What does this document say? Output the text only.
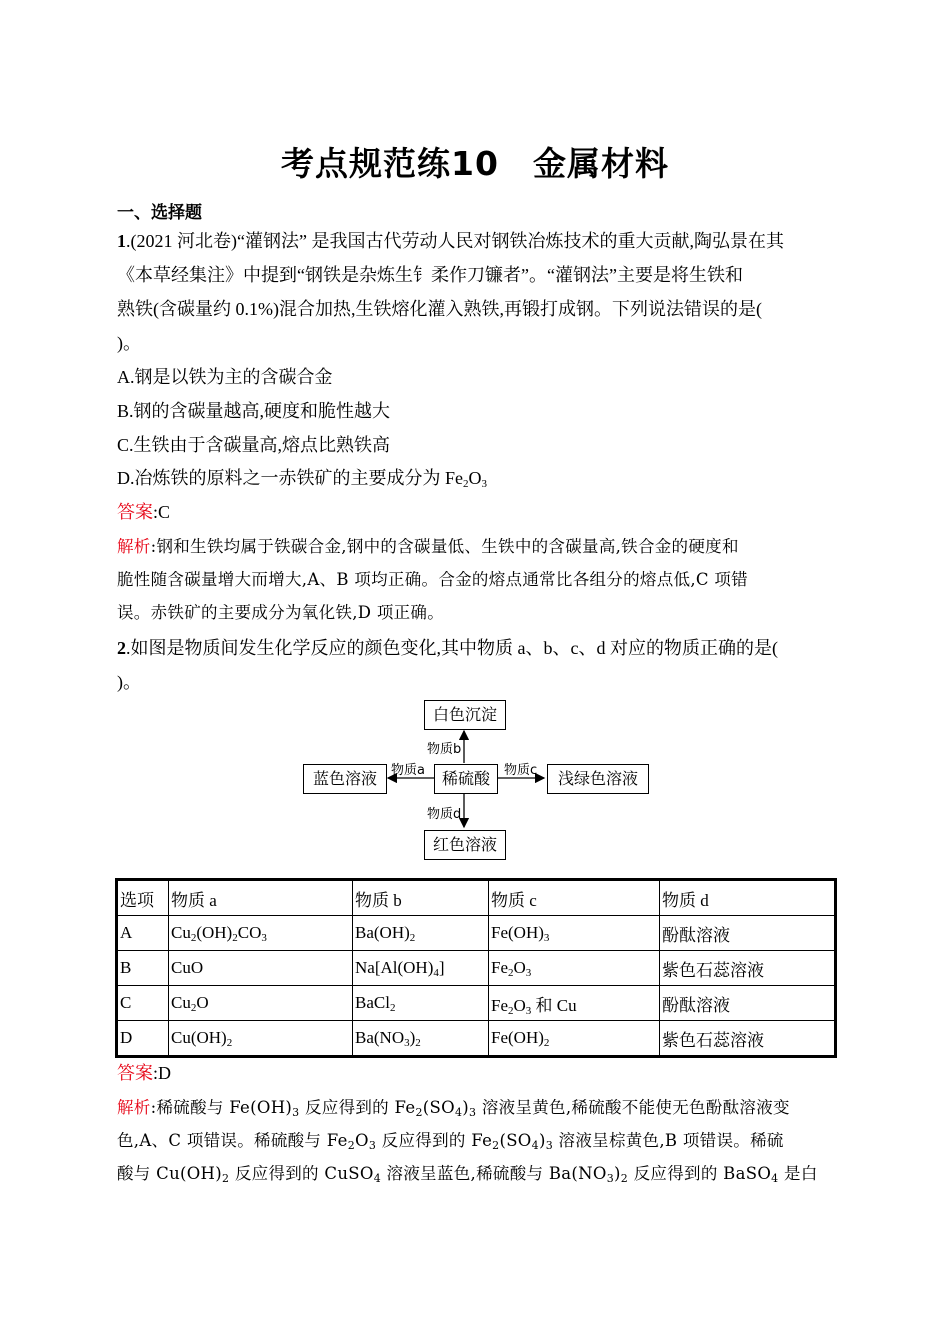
考点规范练10　金属材料
一、选择题
1.(2021 河北卷)“灌钢法” 是我国古代劳动人民对钢铁冶炼技术的重大贡献,陶弘景在其
《本草经集注》中提到“钢铁是杂炼生钅柔作刀镰者”。“灌钢法”主要是将生铁和
熟铁(含碳量约 0.1%)混合加热,生铁熔化灌入熟铁,再锻打成钢。下列说法错误的是(
)。
A.钢是以铁为主的含碳合金
B.钢的含碳量越高,硬度和脆性越大
C.生铁由于含碳量高,熔点比熟铁高
D.冶炼铁的原料之一赤铁矿的主要成分为 $Fe_2O_3$
答案:C
解析:钢和生铁均属于铁碳合金,钢中的含碳量低、生铁中的含碳量高,铁合金的硬度和
脆性随含碳量增大而增大,A、B 项均正确。合金的熔点通常比各组分的熔点低,C 项错
误。赤铁矿的主要成分为氧化铁,D 项正确。
2.如图是物质间发生化学反应的颜色变化,其中物质 a、b、c、d 对应的物质正确的是(
)。
白色沉淀
稀硫酸
蓝色溶液	浅绿色溶液
红色溶液
物质b
物质a	物质c
物质d
选项	物质 a	物质 b	物质 c	物质 d
A	$Cu_2(OH)_2CO_3$	$Ba(OH)_2$	$Fe(OH)_3$	酚酞溶液
B	CuO	$Na[Al(OH)_4]$	$Fe_2O_3$	紫色石蕊溶液
C	$Cu_2O$	BaCl$_2$	$Fe_2O_3$ 和 Cu	酚酞溶液
D	$Cu(OH)_2$	$Ba(NO_3)_2$	$Fe(OH)_2$	紫色石蕊溶液
答案:D
解析:稀硫酸与 $Fe(OH)_3$ 反应得到的 $Fe_2(SO_4)_3$ 溶液呈黄色,稀硫酸不能使无色酚酞溶液变
色,A、C 项错误。稀硫酸与 $Fe_2O_3$ 反应得到的 $Fe_2(SO_4)_3$ 溶液呈棕黄色,B 项错误。稀硫
酸与 $Cu(OH)_2$ 反应得到的 CuSO$_4$ 溶液呈蓝色,稀硫酸与 $Ba(NO_3)_2$ 反应得到的 BaSO$_4$ 是白
